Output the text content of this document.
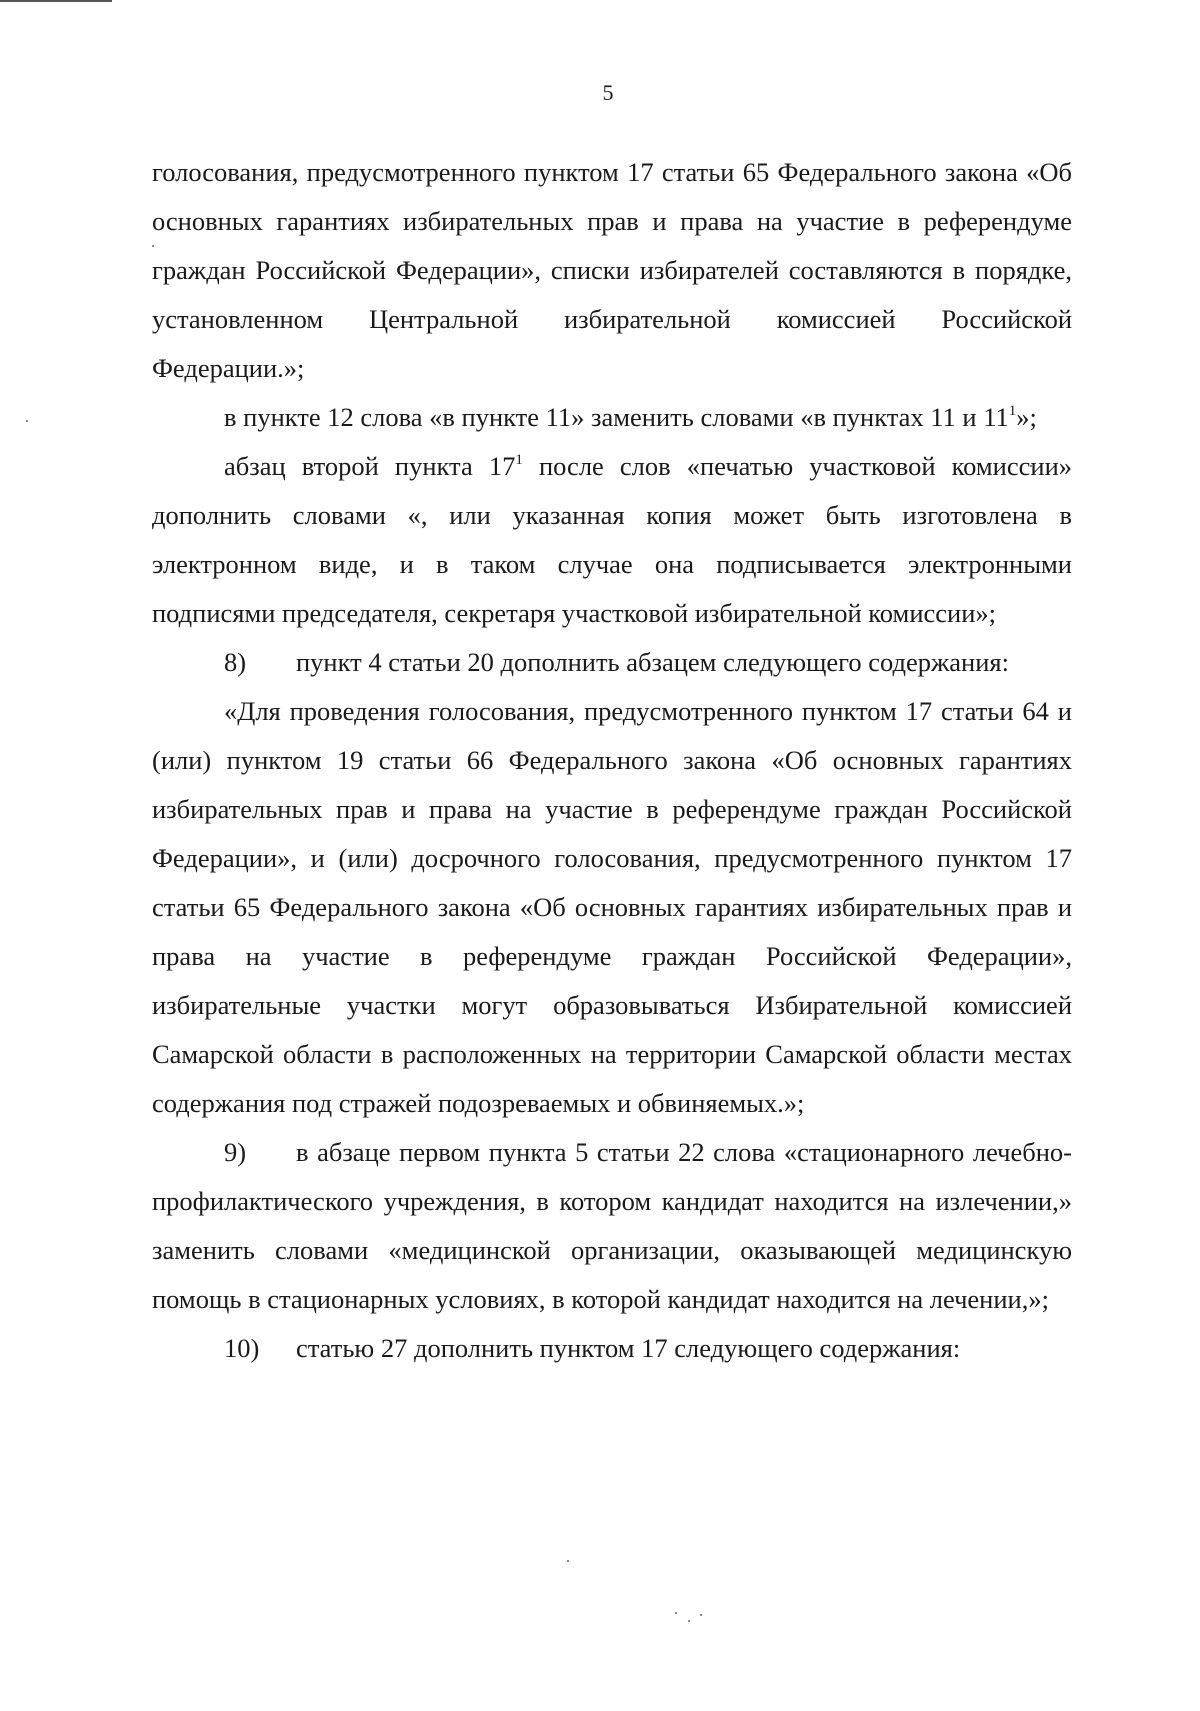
5

голосования, предусмотренного пунктом 17 статьи 65 Федерального закона «Об основных гарантиях избирательных прав и права на участие в референдуме граждан Российской Федерации», списки избирателей составляются в порядке, установленном Центральной избирательной комиссией Российской Федерации.»;

в пункте 12 слова «в пункте 11» заменить словами «в пунктах 11 и $11^1$»;

абзац второй пункта $17^1$ после слов «печатью участковой комиссии» дополнить словами «, или указанная копия может быть изготовлена в электронном виде, и в таком случае она подписывается электронными подписями председателя, секретаря участковой избирательной комиссии»;

8) пункт 4 статьи 20 дополнить абзацем следующего содержания:

«Для проведения голосования, предусмотренного пунктом 17 статьи 64 и (или) пунктом 19 статьи 66 Федерального закона «Об основных гарантиях избирательных прав и права на участие в референдуме граждан Российской Федерации», и (или) досрочного голосования, предусмотренного пунктом 17 статьи 65 Федерального закона «Об основных гарантиях избирательных прав и права на участие в референдуме граждан Российской Федерации», избирательные участки могут образовываться Избирательной комиссией Самарской области в расположенных на территории Самарской области местах содержания под стражей подозреваемых и обвиняемых.»;

9) в абзаце первом пункта 5 статьи 22 слова «стационарного лечебно-профилактического учреждения, в котором кандидат находится на излечении,» заменить словами «медицинской организации, оказывающей медицинскую помощь в стационарных условиях, в которой кандидат находится на лечении,»;

10) статью 27 дополнить пунктом 17 следующего содержания:
